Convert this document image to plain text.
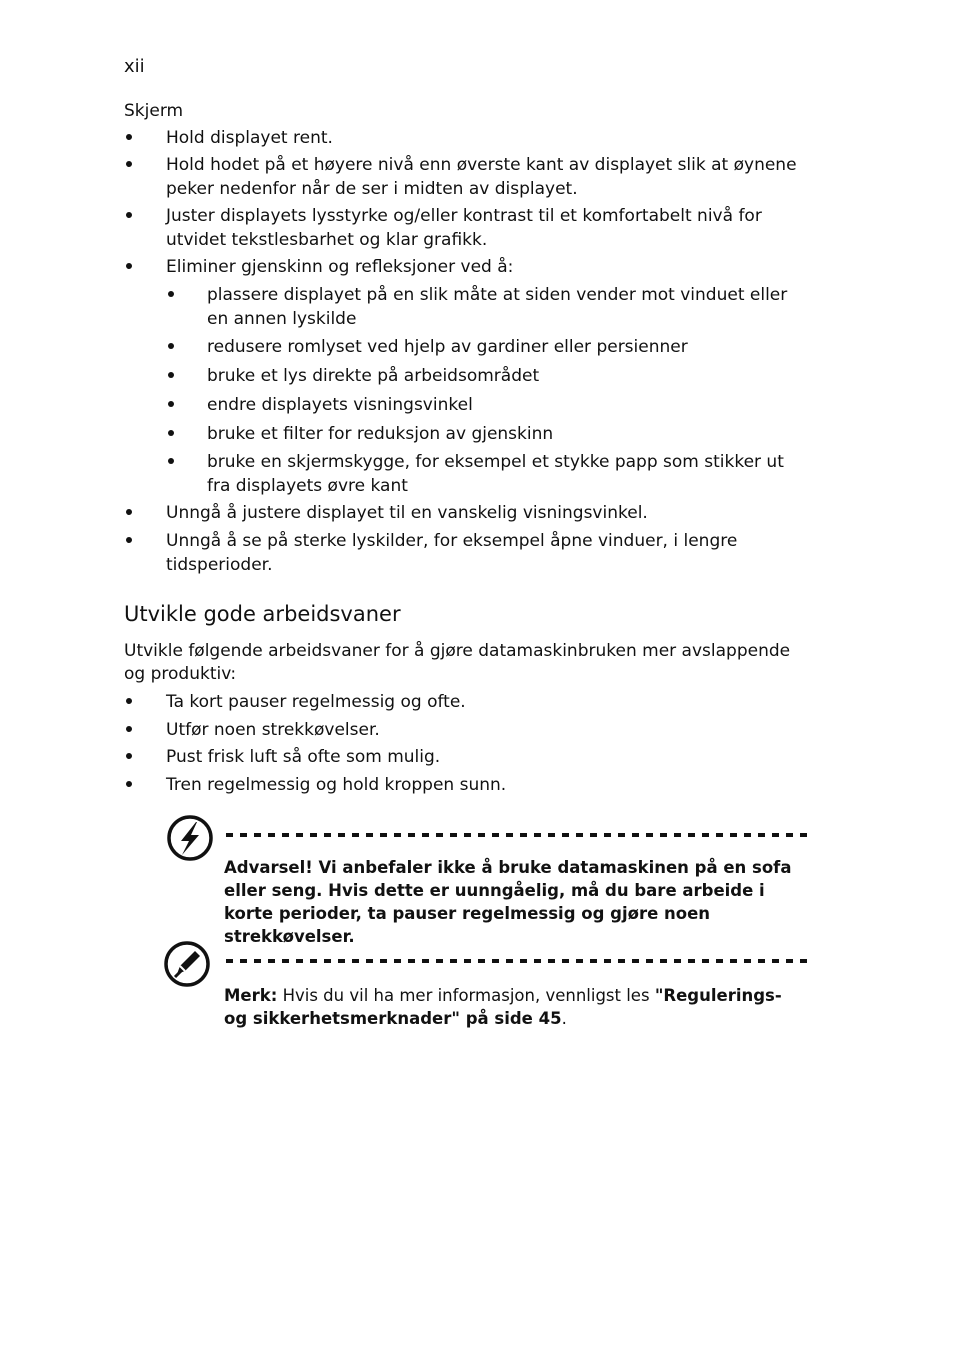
xii
Skjerm
Hold displayet rent.
Hold hodet på et høyere nivå enn øverste kant av displayet slik at øynene peker nedenfor når de ser i midten av displayet.
Juster displayets lysstyrke og/eller kontrast til et komfortabelt nivå for utvidet tekstlesbarhet og klar grafikk.
Eliminer gjenskinn og refleksjoner ved å:
plassere displayet på en slik måte at siden vender mot vinduet eller en annen lyskilde
redusere romlyset ved hjelp av gardiner eller persienner
bruke et lys direkte på arbeidsområdet
endre displayets visningsvinkel
bruke et filter for reduksjon av gjenskinn
bruke en skjermskygge, for eksempel et stykke papp som stikker ut fra displayets øvre kant
Unngå å justere displayet til en vanskelig visningsvinkel.
Unngå å se på sterke lyskilder, for eksempel åpne vinduer, i lengre tidsperioder.
Utvikle gode arbeidsvaner
Utvikle følgende arbeidsvaner for å gjøre datamaskinbruken mer avslappende og produktiv:
Ta kort pauser regelmessig og ofte.
Utfør noen strekkøvelser.
Pust frisk luft så ofte som mulig.
Tren regelmessig og hold kroppen sunn.
Advarsel! Vi anbefaler ikke å bruke datamaskinen på en sofa eller seng. Hvis dette er uunngåelig, må du bare arbeide i korte perioder, ta pauser regelmessig og gjøre noen strekkøvelser.
Merk: Hvis du vil ha mer informasjon, vennligst les "Regulerings- og sikkerhetsmerknader" på side 45.
